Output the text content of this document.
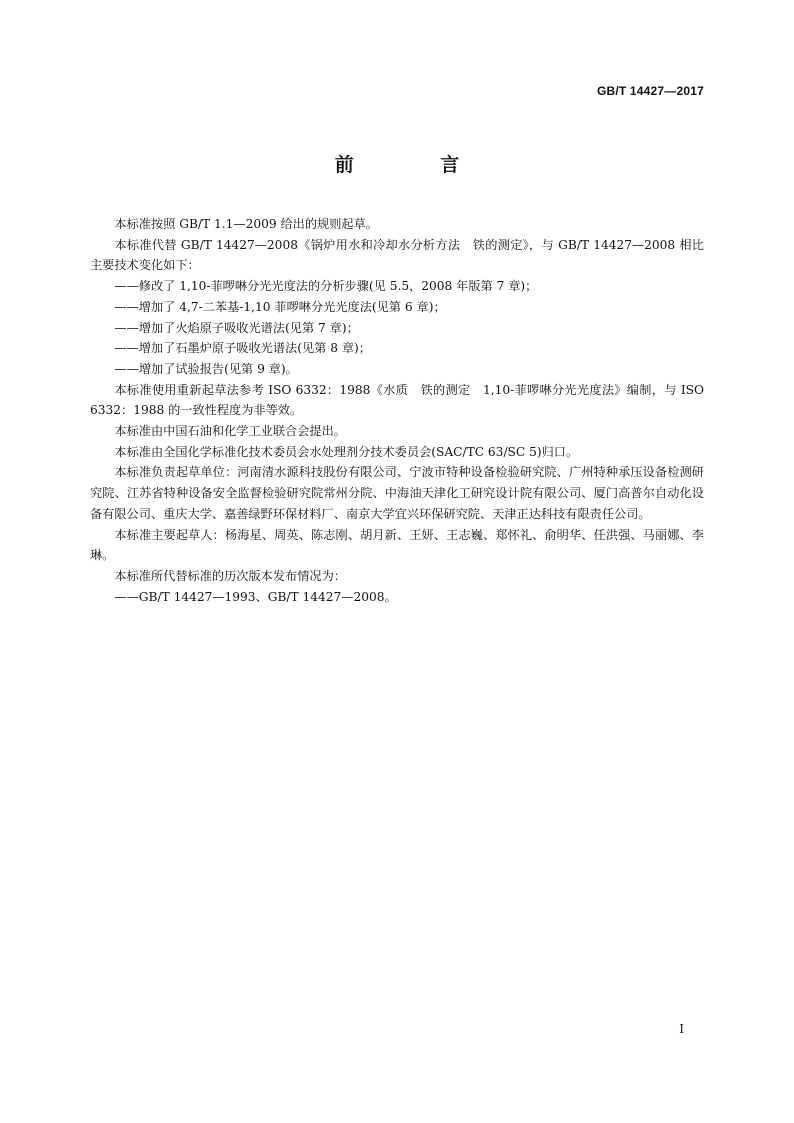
GB/T 14427—2017
前 言

本标准按照 GB/T 1.1—2009 给出的规则起草。

本标准代替 GB/T 14427—2008《锅炉用水和冷却水分析方法　铁的测定》，与 GB/T 14427—2008 相比主要技术变化如下：

——修改了 1,10-菲啰啉分光光度法的分析步骤(见 5.5，2008 年版第 7 章)；

——增加了 4,7-二苯基-1,10 菲啰啉分光光度法(见第 6 章)；

——增加了火焰原子吸收光谱法(见第 7 章)；

——增加了石墨炉原子吸收光谱法(见第 8 章)；

——增加了试验报告(见第 9 章)。

本标准使用重新起草法参考 ISO 6332：1988《水质　铁的测定　1,10-菲啰啉分光光度法》编制，与 ISO 6332：1988 的一致性程度为非等效。

本标准由中国石油和化学工业联合会提出。

本标准由全国化学标准化技术委员会水处理剂分技术委员会(SAC/TC 63/SC 5)归口。

本标准负责起草单位：河南清水源科技股份有限公司、宁波市特种设备检验研究院、广州特种承压设备检测研究院、江苏省特种设备安全监督检验研究院常州分院、中海油天津化工研究设计院有限公司、厦门高普尔自动化设备有限公司、重庆大学、嘉善绿野环保材料厂、南京大学宜兴环保研究院、天津正达科技有限责任公司。

本标准主要起草人：杨海星、周英、陈志刚、胡月新、王妍、王志巍、郑怀礼、俞明华、任洪强、马丽娜、李琳。

本标准所代替标准的历次版本发布情况为：

——GB/T 14427—1993、GB/T 14427—2008。

I
